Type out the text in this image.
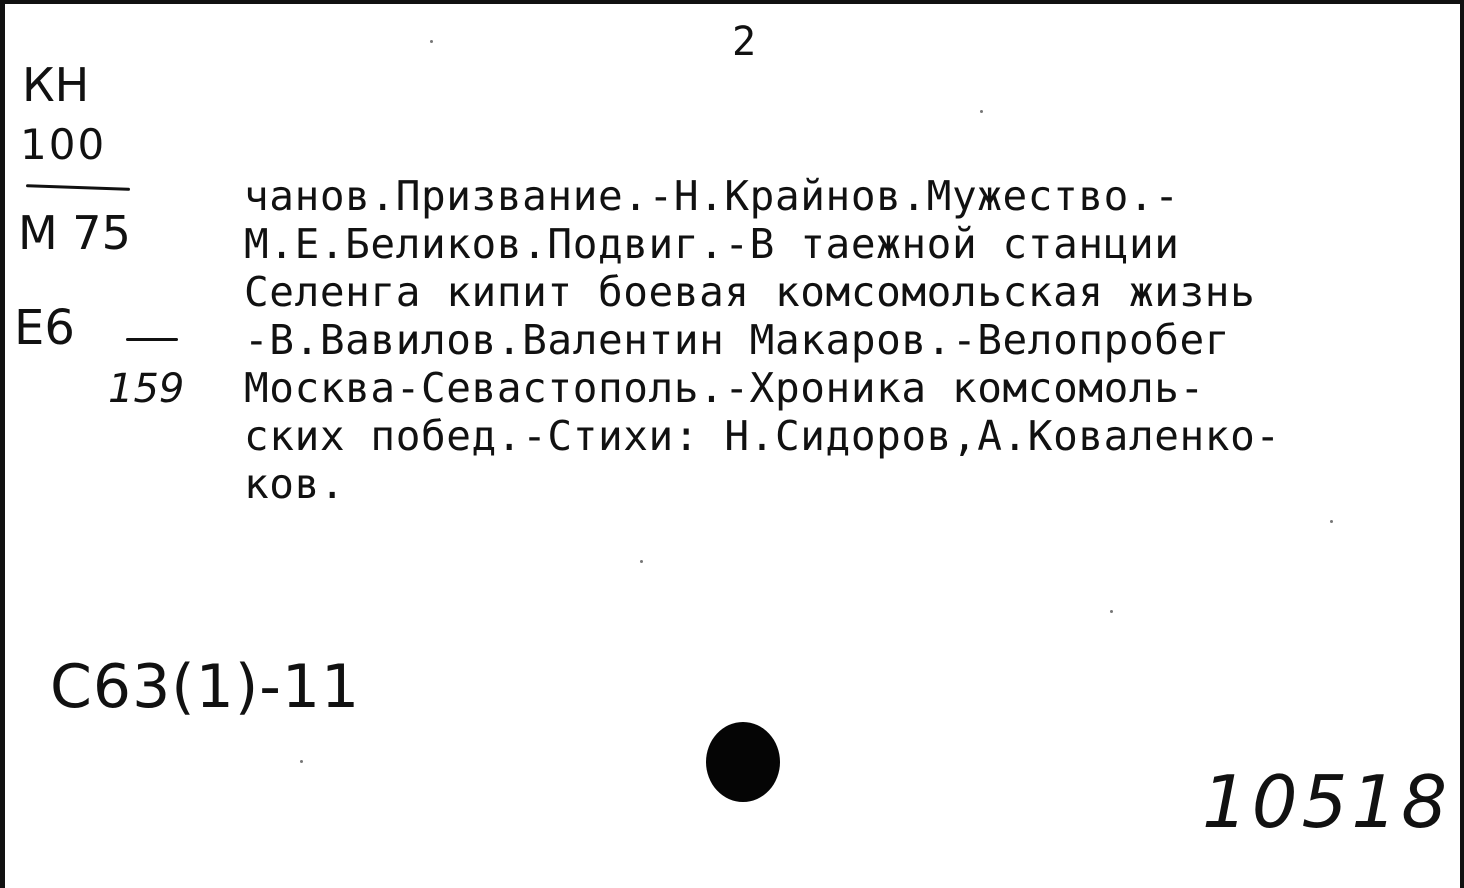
2
КН
100
М 75
Е6
159
чанов.Призвание.-Н.Крайнов.Мужество.-
М.Е.Беликов.Подвиг.-В таежной станции
Селенга кипит боевая комсомольская жизнь
-В.Вавилов.Валентин Макаров.-Велопробег
Москва-Севастополь.-Хроника комсомоль-
ских побед.-Стихи: Н.Сидоров,А.Коваленко-
ков.
С63(1)-11
10518
